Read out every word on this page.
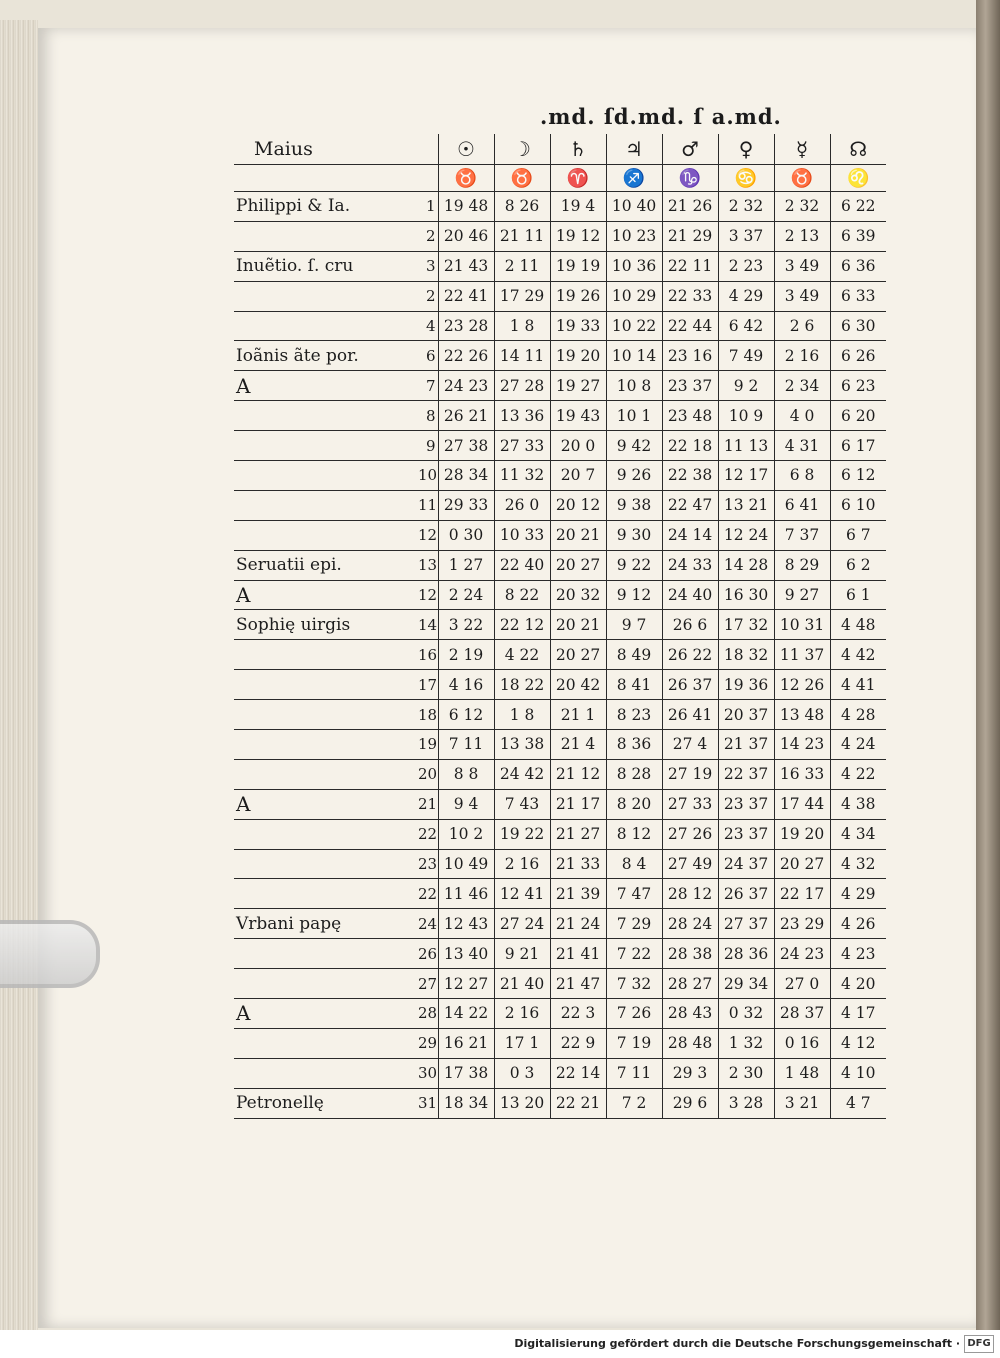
.md. ſd.md. ſ a.md.
Maius		☉	☽	♄	♃	♂	♀	☿	☊
		♉	♉	♈	♐	♑	♋	♉	♌
Philippi & Ia.	1	19 48	8 26	19 4	10 40	21 26	2 32	2 32	6 22
	2	20 46	21 11	19 12	10 23	21 29	3 37	2 13	6 39
Inuẽtio. ſ. cru	3	21 43	2 11	19 19	10 36	22 11	2 23	3 49	6 36
	2	22 41	17 29	19 26	10 29	22 33	4 29	3 49	6 33
	4	23 28	1 8	19 33	10 22	22 44	6 42	2 6	6 30
Ioãnis ãte por.	6	22 26	14 11	19 20	10 14	23 16	7 49	2 16	6 26
A	7	24 23	27 28	19 27	10 8	23 37	9 2	2 34	6 23
	8	26 21	13 36	19 43	10 1	23 48	10 9	4 0	6 20
	9	27 38	27 33	20 0	9 42	22 18	11 13	4 31	6 17
	10	28 34	11 32	20 7	9 26	22 38	12 17	6 8	6 12
	11	29 33	26 0	20 12	9 38	22 47	13 21	6 41	6 10
	12	0 30	10 33	20 21	9 30	24 14	12 24	7 37	6 7
Seruatii epi.	13	1 27	22 40	20 27	9 22	24 33	14 28	8 29	6 2
A	12	2 24	8 22	20 32	9 12	24 40	16 30	9 27	6 1
Sophię uirgis	14	3 22	22 12	20 21	9 7	26 6	17 32	10 31	4 48
	16	2 19	4 22	20 27	8 49	26 22	18 32	11 37	4 42
	17	4 16	18 22	20 42	8 41	26 37	19 36	12 26	4 41
	18	6 12	1 8	21 1	8 23	26 41	20 37	13 48	4 28
	19	7 11	13 38	21 4	8 36	27 4	21 37	14 23	4 24
	20	8 8	24 42	21 12	8 28	27 19	22 37	16 33	4 22
A	21	9 4	7 43	21 17	8 20	27 33	23 37	17 44	4 38
	22	10 2	19 22	21 27	8 12	27 26	23 37	19 20	4 34
	23	10 49	2 16	21 33	8 4	27 49	24 37	20 27	4 32
	22	11 46	12 41	21 39	7 47	28 12	26 37	22 17	4 29
Vrbani papę	24	12 43	27 24	21 24	7 29	28 24	27 37	23 29	4 26
	26	13 40	9 21	21 41	7 22	28 38	28 36	24 23	4 23
	27	12 27	21 40	21 47	7 32	28 27	29 34	27 0	4 20
A	28	14 22	2 16	22 3	7 26	28 43	0 32	28 37	4 17
	29	16 21	17 1	22 9	7 19	28 48	1 32	0 16	4 12
	30	17 38	0 3	22 14	7 11	29 3	2 30	1 48	4 10
Petronellę	31	18 34	13 20	22 21	7 2	29 6	3 28	3 21	4 7
Digitalisierung gefördert durch die Deutsche Forschungsgemeinschaft · DFG
